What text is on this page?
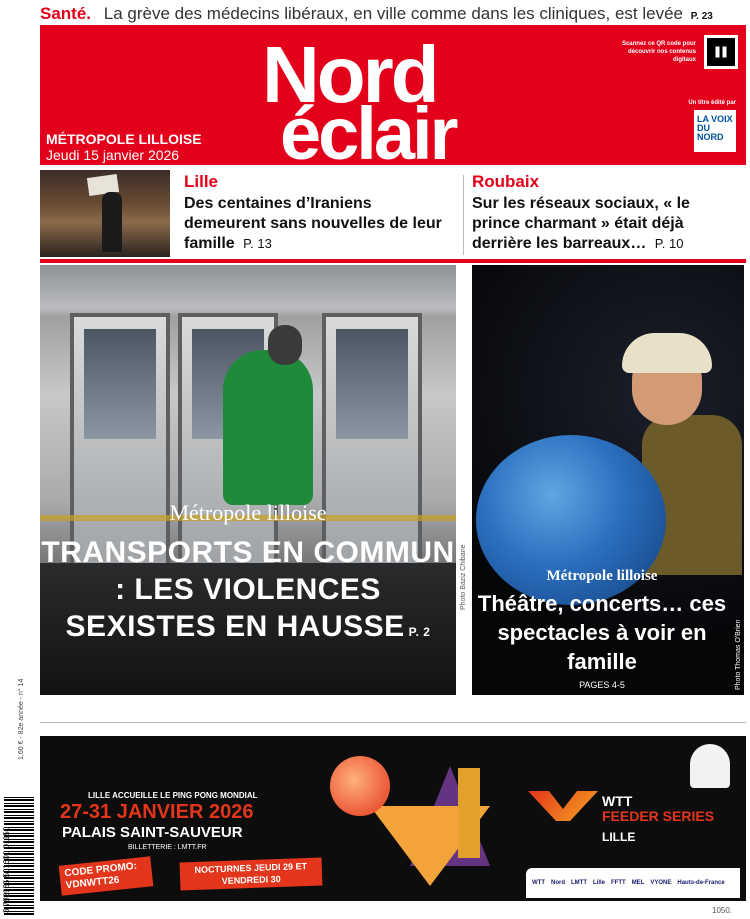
Santé. La grève des médecins libéraux, en ville comme dans les cliniques, est levée P. 23
Nord
éclair
MÉTROPOLE LILLOISE
Jeudi 15 janvier 2026
Scannez ce QR code pour découvrir nos contenus digitaux
Un titre édité par
LA VOIX DU NORD
Lille
Des centaines d’Iraniens demeurent sans nouvelles de leur famille P. 13
Roubaix
Sur les réseaux sociaux, « le prince charmant » était déjà derrière les barreaux… P. 10
Métropole lilloise
TRANSPORTS EN COMMUN : LES VIOLENCES SEXISTES EN HAUSSE P. 2
Photo Baziz Chibane	Métropole lilloise
Théâtre, concerts… ces spectacles à voir en famille
PAGES 4-5	Photo Thomas O'Brien
1,60 € - 82e année - n° 14
3 782985 501600 01150
LILLE ACCUEILLE LE PING PONG MONDIAL
27-31 JANVIER 2026
PALAIS SAINT-SAUVEUR
BILLETTERIE : LMTT.FR
CODE PROMO: VDNWTT26
NOCTURNES JEUDI 29 ET VENDREDI 30
WTT
FEEDER SERIES
LILLE
WTT Nord LMTT Lille FFTT MEL VYONE Hauts-de-France
1050.
